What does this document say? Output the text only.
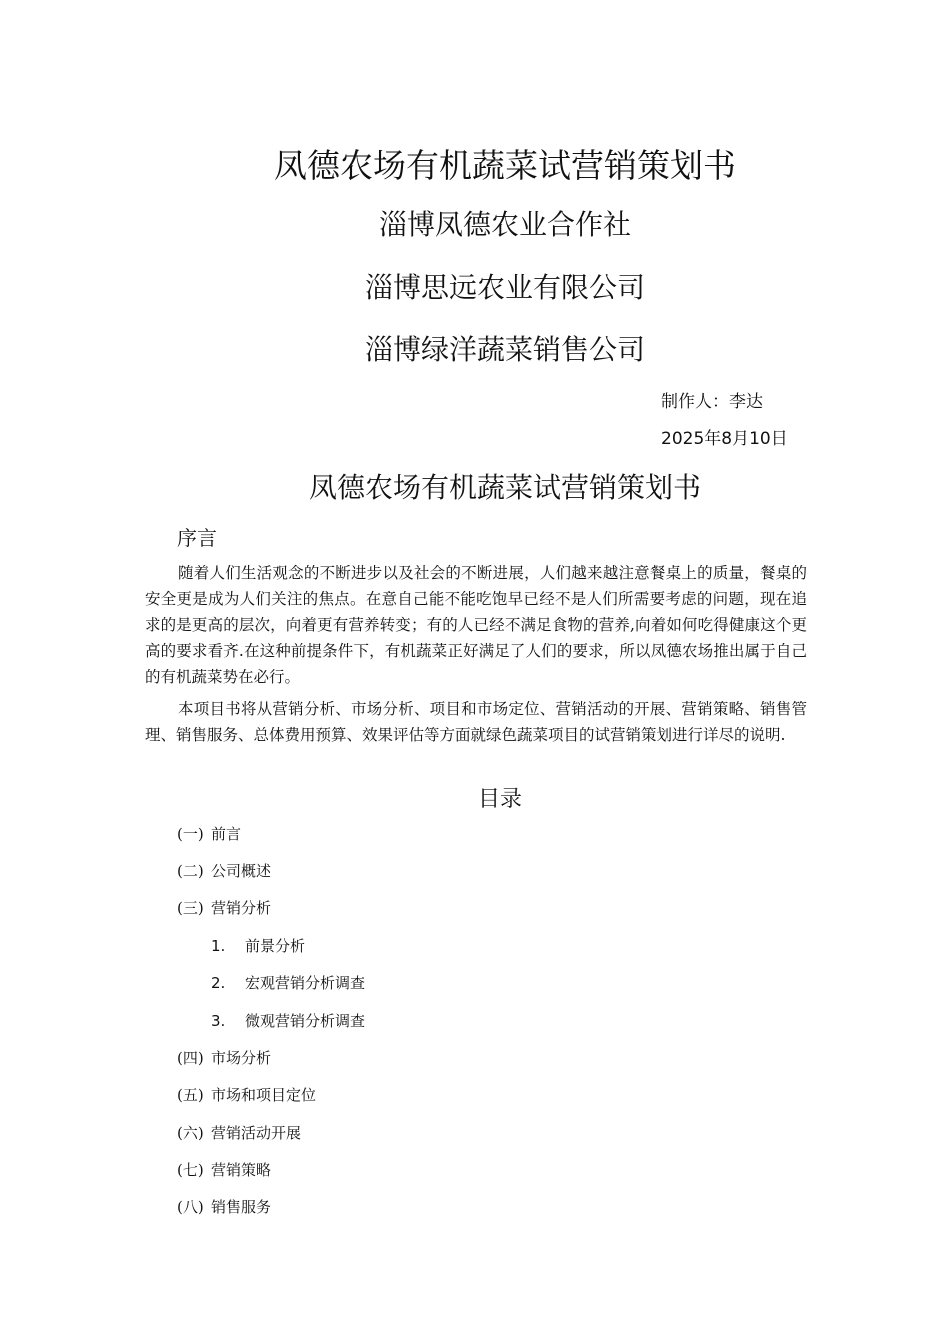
凤德农场有机蔬菜试营销策划书
淄博凤德农业合作社
淄博思远农业有限公司
淄博绿洋蔬菜销售公司
制作人：李达
2025年8月10日
凤德农场有机蔬菜试营销策划书
序言

随着人们生活观念的不断进步以及社会的不断进展，人们越来越注意餐桌上的质量，餐桌的安全更是成为人们关注的焦点。在意自己能不能吃饱早已经不是人们所需要考虑的问题，现在追求的是更高的层次，向着更有营养转变；有的人已经不满足食物的营养,向着如何吃得健康这个更高的要求看齐.在这种前提条件下，有机蔬菜正好满足了人们的要求，所以凤德农场推出属于自己的有机蔬菜势在必行。

本项目书将从营销分析、市场分析、项目和市场定位、营销活动的开展、营销策略、销售管理、销售服务、总体费用预算、效果评估等方面就绿色蔬菜项目的试营销策划进行详尽的说明.

目录
(一) 前言
(二) 公司概述
(三) 营销分析
1. 前景分析
2. 宏观营销分析调查
3. 微观营销分析调查
(四) 市场分析
(五) 市场和项目定位
(六) 营销活动开展
(七) 营销策略
(八) 销售服务
